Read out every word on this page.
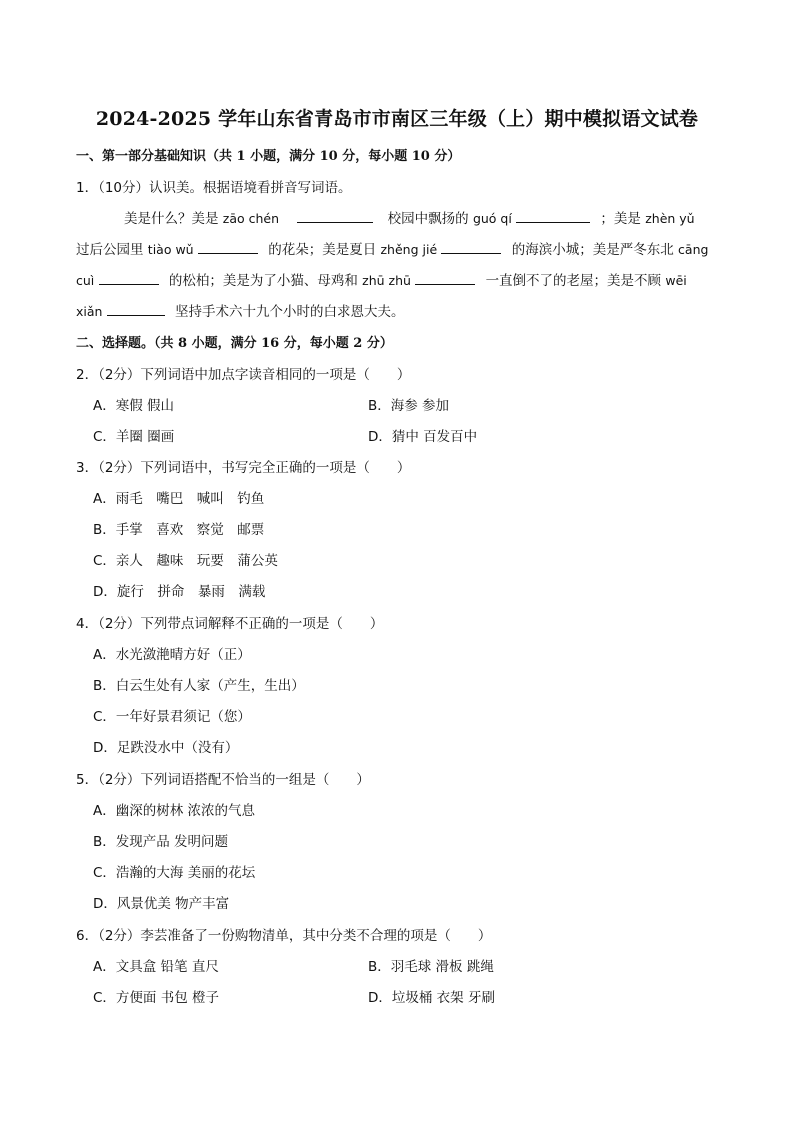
2024-2025 学年山东省青岛市市南区三年级（上）期中模拟语文试卷
一、第一部分基础知识（共 1 小题，满分 10 分，每小题 10 分）
1．（10分）认识美。根据语境看拼音写词语。
美是什么？美是 zāo chén	校园中飘扬的 guó qí	；美是 zhèn yǔ
过后公园里 tiào wǔ	的花朵；美是夏日 zhěng jié	的海滨小城；美是严冬东北 cāng
cuì	的松柏；美是为了小猫、母鸡和 zhū zhū	一直倒不了的老屋；美是不顾 wēi
xiǎn	坚持手术六十九个小时的白求恩大夫。
二、选择题。（共 8 小题，满分 16 分，每小题 2 分）
2．（2分）下列词语中加点字读音相同的一项是（　　）
A．寒假 假山	B．海参 参加
C．羊圈 圈画	D．猜中 百发百中
3．（2分）下列词语中，书写完全正确的一项是（　　）
A．雨毛　嘴巴　喊叫　钓鱼
B．手掌　喜欢　察觉　邮票
C．亲人　趣味　玩要　蒲公英
D．旋行　拼命　暴雨　满载
4．（2分）下列带点词解释不正确的一项是（　　）
A．水光潋滟晴方好（正）
B．白云生处有人家（产生，生出）
C．一年好景君须记（您）
D．足跌没水中（没有）
5．（2分）下列词语搭配不恰当的一组是（　　）
A．幽深的树林 浓浓的气息
B．发现产品 发明问题
C．浩瀚的大海 美丽的花坛
D．风景优美 物产丰富
6．（2分）李芸准备了一份购物清单，其中分类不合理的项是（　　）
A．文具盒 铅笔 直尺	B．羽毛球 滑板 跳绳
C．方便面 书包 橙子	D．垃圾桶 衣架 牙刷
